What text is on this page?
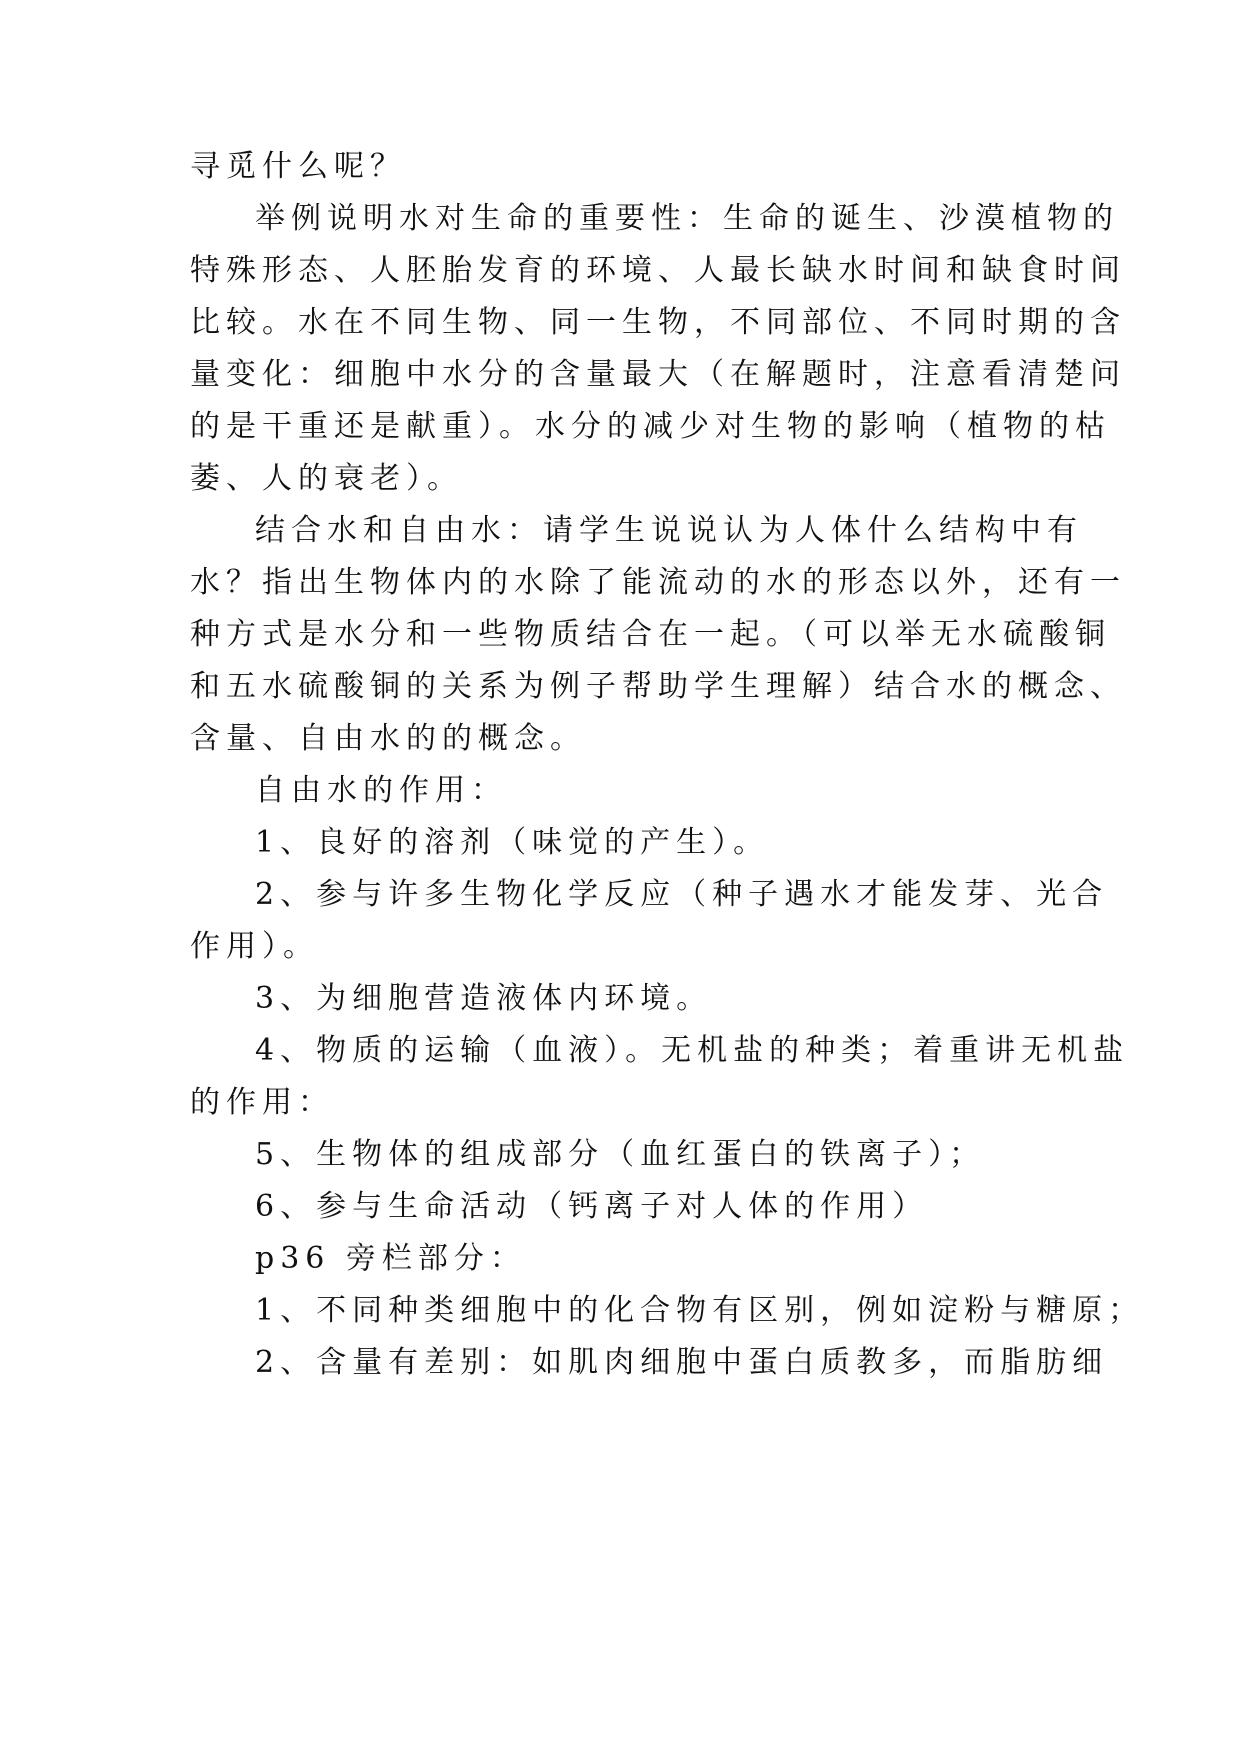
寻觅什么呢？
举例说明水对生命的重要性：生命的诞生、沙漠植物的
特殊形态、人胚胎发育的环境、人最长缺水时间和缺食时间
比较。水在不同生物、同一生物，不同部位、不同时期的含
量变化：细胞中水分的含量最大（在解题时，注意看清楚问
的是干重还是献重）。水分的减少对生物的影响（植物的枯
萎、人的衰老）。
结合水和自由水：请学生说说认为人体什么结构中有
水？指出生物体内的水除了能流动的水的形态以外，还有一
种方式是水分和一些物质结合在一起。（可以举无水硫酸铜
和五水硫酸铜的关系为例子帮助学生理解）结合水的概念、
含量、自由水的的概念。
自由水的作用：
1、良好的溶剂（味觉的产生）。
2、参与许多生物化学反应（种子遇水才能发芽、光合
作用）。
3、为细胞营造液体内环境。
4、物质的运输（血液）。无机盐的种类；着重讲无机盐
的作用：
5、生物体的组成部分（血红蛋白的铁离子）；
6、参与生命活动（钙离子对人体的作用）
p36 旁栏部分：
1、不同种类细胞中的化合物有区别，例如淀粉与糖原；
2、含量有差别：如肌肉细胞中蛋白质教多，而脂肪细
